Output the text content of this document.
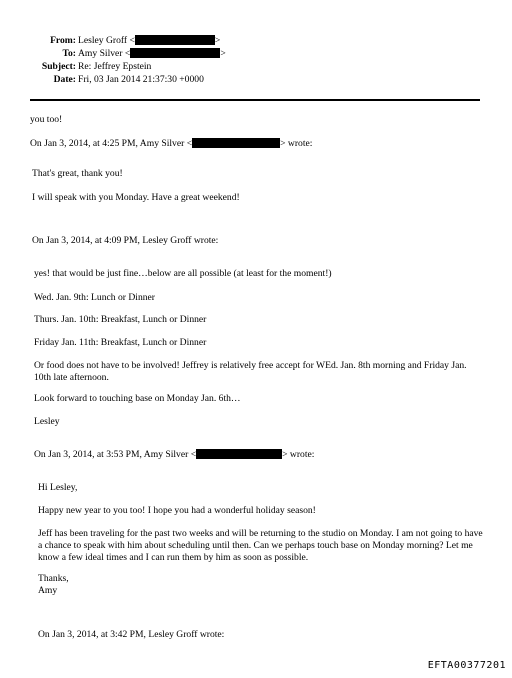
From: Lesley Groff <	>
To: Amy Silver <	>
Subject: Re: Jeffrey Epstein
Date: Fri, 03 Jan 2014 21:37:30 +0000
you too!
On Jan 3, 2014, at 4:25 PM, Amy Silver <	> wrote:
That's great, thank you!
I will speak with you Monday. Have a great weekend!
On Jan 3, 2014, at 4:09 PM, Lesley Groff wrote:
yes! that would be just fine…below are all possible (at least for the moment!)
Wed. Jan. 9th: Lunch or Dinner
Thurs. Jan. 10th: Breakfast, Lunch or Dinner
Friday Jan. 11th: Breakfast, Lunch or Dinner
Or food does not have to be involved! Jeffrey is relatively free accept for WEd. Jan. 8th morning and Friday Jan. 10th late afternoon.
Look forward to touching base on Monday Jan. 6th…
Lesley
On Jan 3, 2014, at 3:53 PM, Amy Silver <	> wrote:
Hi Lesley,
Happy new year to you too! I hope you had a wonderful holiday season!
Jeff has been traveling for the past two weeks and will be returning to the studio on Monday. I am not going to have a chance to speak with him about scheduling until then. Can we perhaps touch base on Monday morning? Let me know a few ideal times and I can run them by him as soon as possible.
Thanks,
Amy
On Jan 3, 2014, at 3:42 PM, Lesley Groff wrote:
EFTA00377201
